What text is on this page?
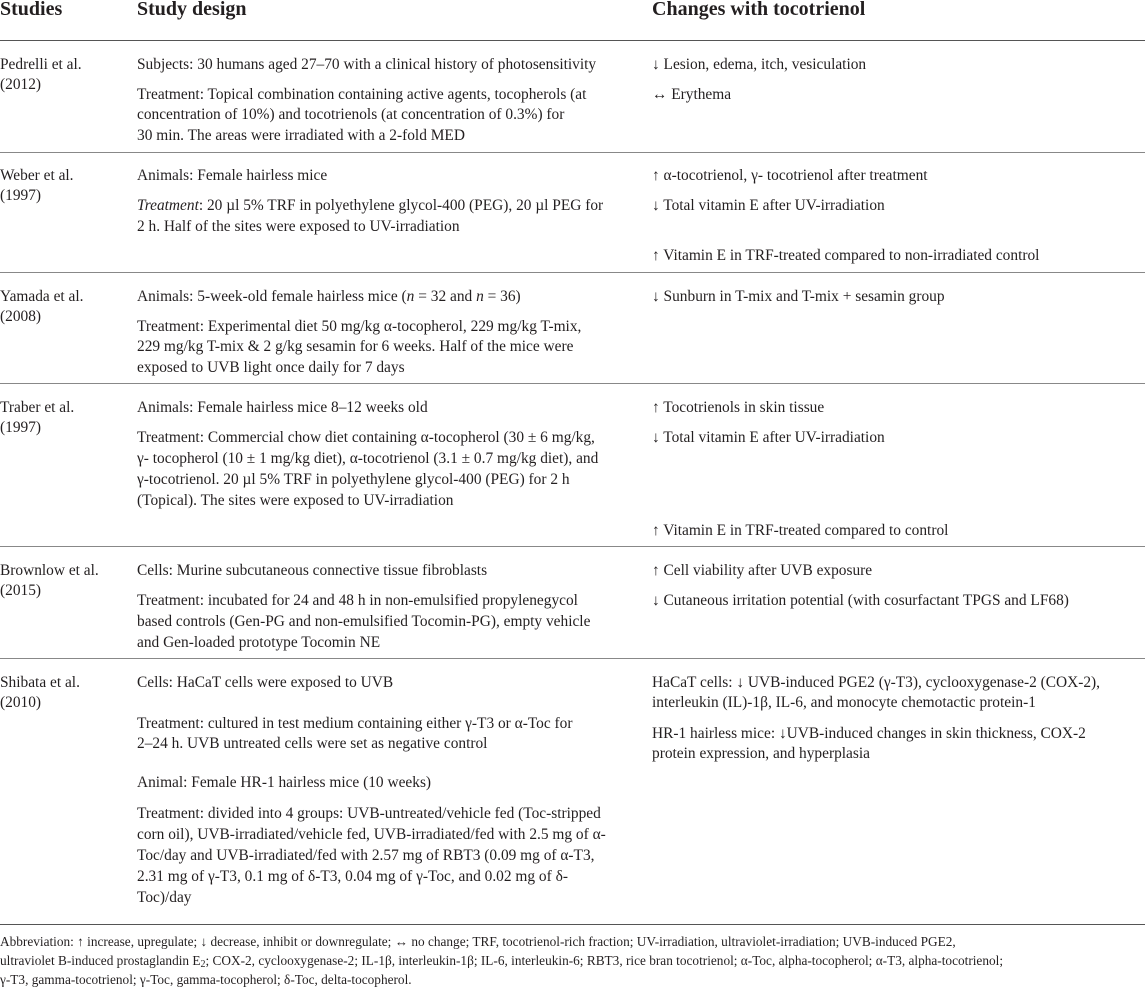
Studies	Study design	Changes with tocotrienol
Pedrelli et al.
(2012)
Subjects: 30 humans aged 27–70 with a clinical history of photosensitivity
Treatment: Topical combination containing active agents, tocopherols (at
concentration of 10%) and tocotrienols (at concentration of 0.3%) for
30 min. The areas were irradiated with a 2-fold MED
↓ Lesion, edema, itch, vesiculation
↔ Erythema
Weber et al.
(1997)
Animals: Female hairless mice
Treatment: 20 µl 5% TRF in polyethylene glycol-400 (PEG), 20 µl PEG for
2 h. Half of the sites were exposed to UV-irradiation
↑ α-tocotrienol, γ- tocotrienol after treatment
↓ Total vitamin E after UV-irradiation
↑ Vitamin E in TRF-treated compared to non-irradiated control
Yamada et al.
(2008)
Animals: 5-week-old female hairless mice (n = 32 and n = 36)
Treatment: Experimental diet 50 mg/kg α-tocopherol, 229 mg/kg T-mix,
229 mg/kg T-mix & 2 g/kg sesamin for 6 weeks. Half of the mice were
exposed to UVB light once daily for 7 days
↓ Sunburn in T-mix and T-mix + sesamin group
Traber et al.
(1997)
Animals: Female hairless mice 8–12 weeks old
Treatment: Commercial chow diet containing α-tocopherol (30 ± 6 mg/kg,
γ- tocopherol (10 ± 1 mg/kg diet), α-tocotrienol (3.1 ± 0.7 mg/kg diet), and
γ-tocotrienol. 20 µl 5% TRF in polyethylene glycol-400 (PEG) for 2 h
(Topical). The sites were exposed to UV-irradiation
↑ Tocotrienols in skin tissue
↓ Total vitamin E after UV-irradiation
↑ Vitamin E in TRF-treated compared to control
Brownlow et al.
(2015)
Cells: Murine subcutaneous connective tissue fibroblasts
Treatment: incubated for 24 and 48 h in non-emulsified propylenegycol
based controls (Gen-PG and non-emulsified Tocomin-PG), empty vehicle
and Gen-loaded prototype Tocomin NE
↑ Cell viability after UVB exposure
↓ Cutaneous irritation potential (with cosurfactant TPGS and LF68)
Shibata et al.
(2010)
Cells: HaCaT cells were exposed to UVB
Treatment: cultured in test medium containing either γ-T3 or α-Toc for
2–24 h. UVB untreated cells were set as negative control
Animal: Female HR-1 hairless mice (10 weeks)
Treatment: divided into 4 groups: UVB-untreated/vehicle fed (Toc-stripped
corn oil), UVB-irradiated/vehicle fed, UVB-irradiated/fed with 2.5 mg of α-
Toc/day and UVB-irradiated/fed with 2.57 mg of RBT3 (0.09 mg of α-T3,
2.31 mg of γ-T3, 0.1 mg of δ-T3, 0.04 mg of γ-Toc, and 0.02 mg of δ-
Toc)/day
HaCaT cells: ↓ UVB-induced PGE2 (γ-T3), cyclooxygenase-2 (COX-2),
interleukin (IL)-1β, IL-6, and monocyte chemotactic protein-1
HR-1 hairless mice: ↓UVB-induced changes in skin thickness, COX-2
protein expression, and hyperplasia
Abbreviation: ↑ increase, upregulate; ↓ decrease, inhibit or downregulate; ↔ no change; TRF, tocotrienol-rich fraction; UV-irradiation, ultraviolet-irradiation; UVB-induced PGE2,
ultraviolet B-induced prostaglandin $E_2$; COX-2, cyclooxygenase-2; IL-1β, interleukin-1β; IL-6, interleukin-6; RBT3, rice bran tocotrienol; α-Toc, alpha-tocopherol; α-T3, alpha-tocotrienol;
γ-T3, gamma-tocotrienol; γ-Toc, gamma-tocopherol; δ-Toc, delta-tocopherol.
